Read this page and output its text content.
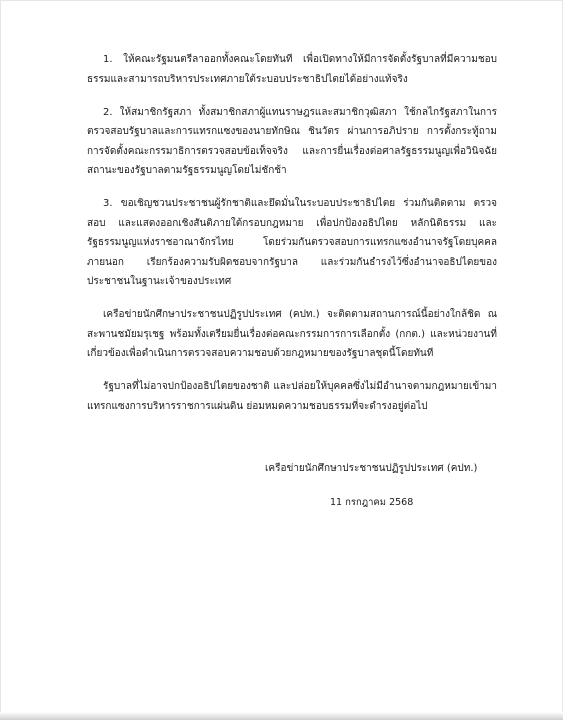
1. ให้คณะรัฐมนตรีลาออกทั้งคณะโดยทันที เพื่อเปิดทางให้มีการจัดตั้งรัฐบาลที่มีความชอบธรรมและสามารถบริหารประเทศภายใต้ระบอบประชาธิปไตยได้อย่างแท้จริง

2. ให้สมาชิกรัฐสภา ทั้งสมาชิกสภาผู้แทนราษฎรและสมาชิกวุฒิสภา ใช้กลไกรัฐสภาในการตรวจสอบรัฐบาลและการแทรกแซงของนายทักษิณ ชินวัตร ผ่านการอภิปราย การตั้งกระทู้ถาม การจัดตั้งคณะกรรมาธิการตรวจสอบข้อเท็จจริง และการยื่นเรื่องต่อศาลรัฐธรรมนูญเพื่อวินิจฉัยสถานะของรัฐบาลตามรัฐธรรมนูญโดยไม่ชักช้า

3. ขอเชิญชวนประชาชนผู้รักชาติและยึดมั่นในระบอบประชาธิปไตย ร่วมกันติดตาม ตรวจสอบ และแสดงออกเชิงสันติภายใต้กรอบกฎหมาย เพื่อปกป้องอธิปไตย หลักนิติธรรม และรัฐธรรมนูญแห่งราชอาณาจักรไทย โดยร่วมกันตรวจสอบการแทรกแซงอำนาจรัฐโดยบุคคลภายนอก เรียกร้องความรับผิดชอบจากรัฐบาล และร่วมกันธำรงไว้ซึ่งอำนาจอธิปไตยของประชาชนในฐานะเจ้าของประเทศ

เครือข่ายนักศึกษาประชาชนปฏิรูปประเทศ (คปท.) จะติดตามสถานการณ์นี้อย่างใกล้ชิด ณ สะพานชมัยมรุเชฐ พร้อมทั้งเตรียมยื่นเรื่องต่อคณะกรรมการการเลือกตั้ง (กกต.) และหน่วยงานที่เกี่ยวข้องเพื่อดำเนินการตรวจสอบความชอบด้วยกฎหมายของรัฐบาลชุดนี้โดยทันที

รัฐบาลที่ไม่อาจปกป้องอธิปไตยของชาติ และปล่อยให้บุคคลซึ่งไม่มีอำนาจตามกฎหมายเข้ามาแทรกแซงการบริหารราชการแผ่นดิน ย่อมหมดความชอบธรรมที่จะดำรงอยู่ต่อไป

เครือข่ายนักศึกษาประชาชนปฏิรูปประเทศ (คปท.)
11 กรกฎาคม 2568
